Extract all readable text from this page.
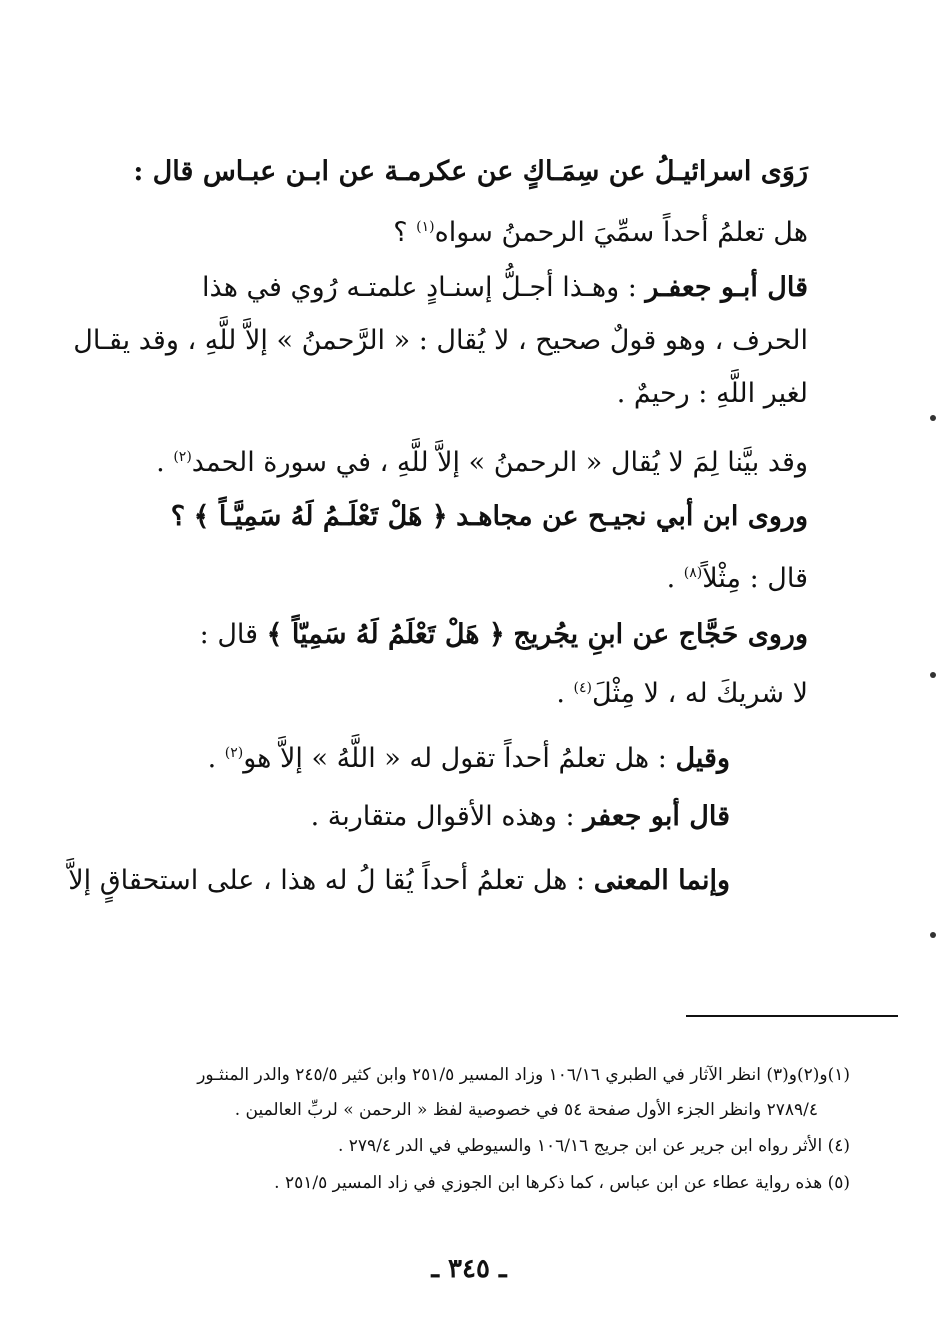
رَوَى اسرائيـلُ عن سِمَـاكٍ عن عكرمـة عن ابـن عبـاس قال :
هل تعلمُ أحداً سمِّيَ الرحمنُ سواه$^{(١)}$ ؟
قال أبـو جعفـر : وهـذا أجـلُّ إسنـادٍ علمتـه رُوي في هذا
الحرف ، وهو قولٌ صحيح ، لا يُقال : « الرَّحمنُ » إلاَّ للَّهِ ، وقد يقـال
لغير اللَّهِ : رحيمٌ .
وقد بيَّنا لِمَ لا يُقال « الرحمنُ » إلاَّ للَّهِ ، في سورة الحمد$^{(٢)}$ .
وروى ابن أبي نجيـح عن مجاهـد ﴿ هَلْ تَعْلَـمُ لَهُ سَمِيَّـاً ﴾ ؟
قال : مِثْلاً$^{(٨)}$ .
وروى حَجَّاج عن ابنِ يجُريج ﴿ هَلْ تَعْلَمُ لَهُ سَمِيّاً ﴾ قال :
لا شريكَ له ، لا مِثْلَ$^{(٤)}$ .
وقيل : هل تعلمُ أحداً تقول له « اللَّهُ » إلاَّ هو$^{(٢)}$ .
قال أبو جعفر : وهذه الأقوال متقاربة .
وإنما المعنى : هل تعلمُ أحداً يُقا لُ له هذا ، على استحقاقٍ إلاَّ
(١)و(٢)و(٣) انظر الآثار في الطبري ١٠٦/١٦ وزاد المسير ٢٥١/٥ وابن كثير ٢٤٥/٥ والدر المنثـور
٢٧٨٩/٤ وانظر الجزء الأول صفحة ٥٤ في خصوصية لفظ « الرحمن » لربِّ العالمين .
(٤) الأثر رواه ابن جرير عن ابن جريج ١٠٦/١٦ والسيوطي في الدر ٢٧٩/٤ .
(٥) هذه رواية عطاء عن ابن عباس ، كما ذكرها ابن الجوزي في زاد المسير ٢٥١/٥ .
ـ ٣٤٥ ـ
